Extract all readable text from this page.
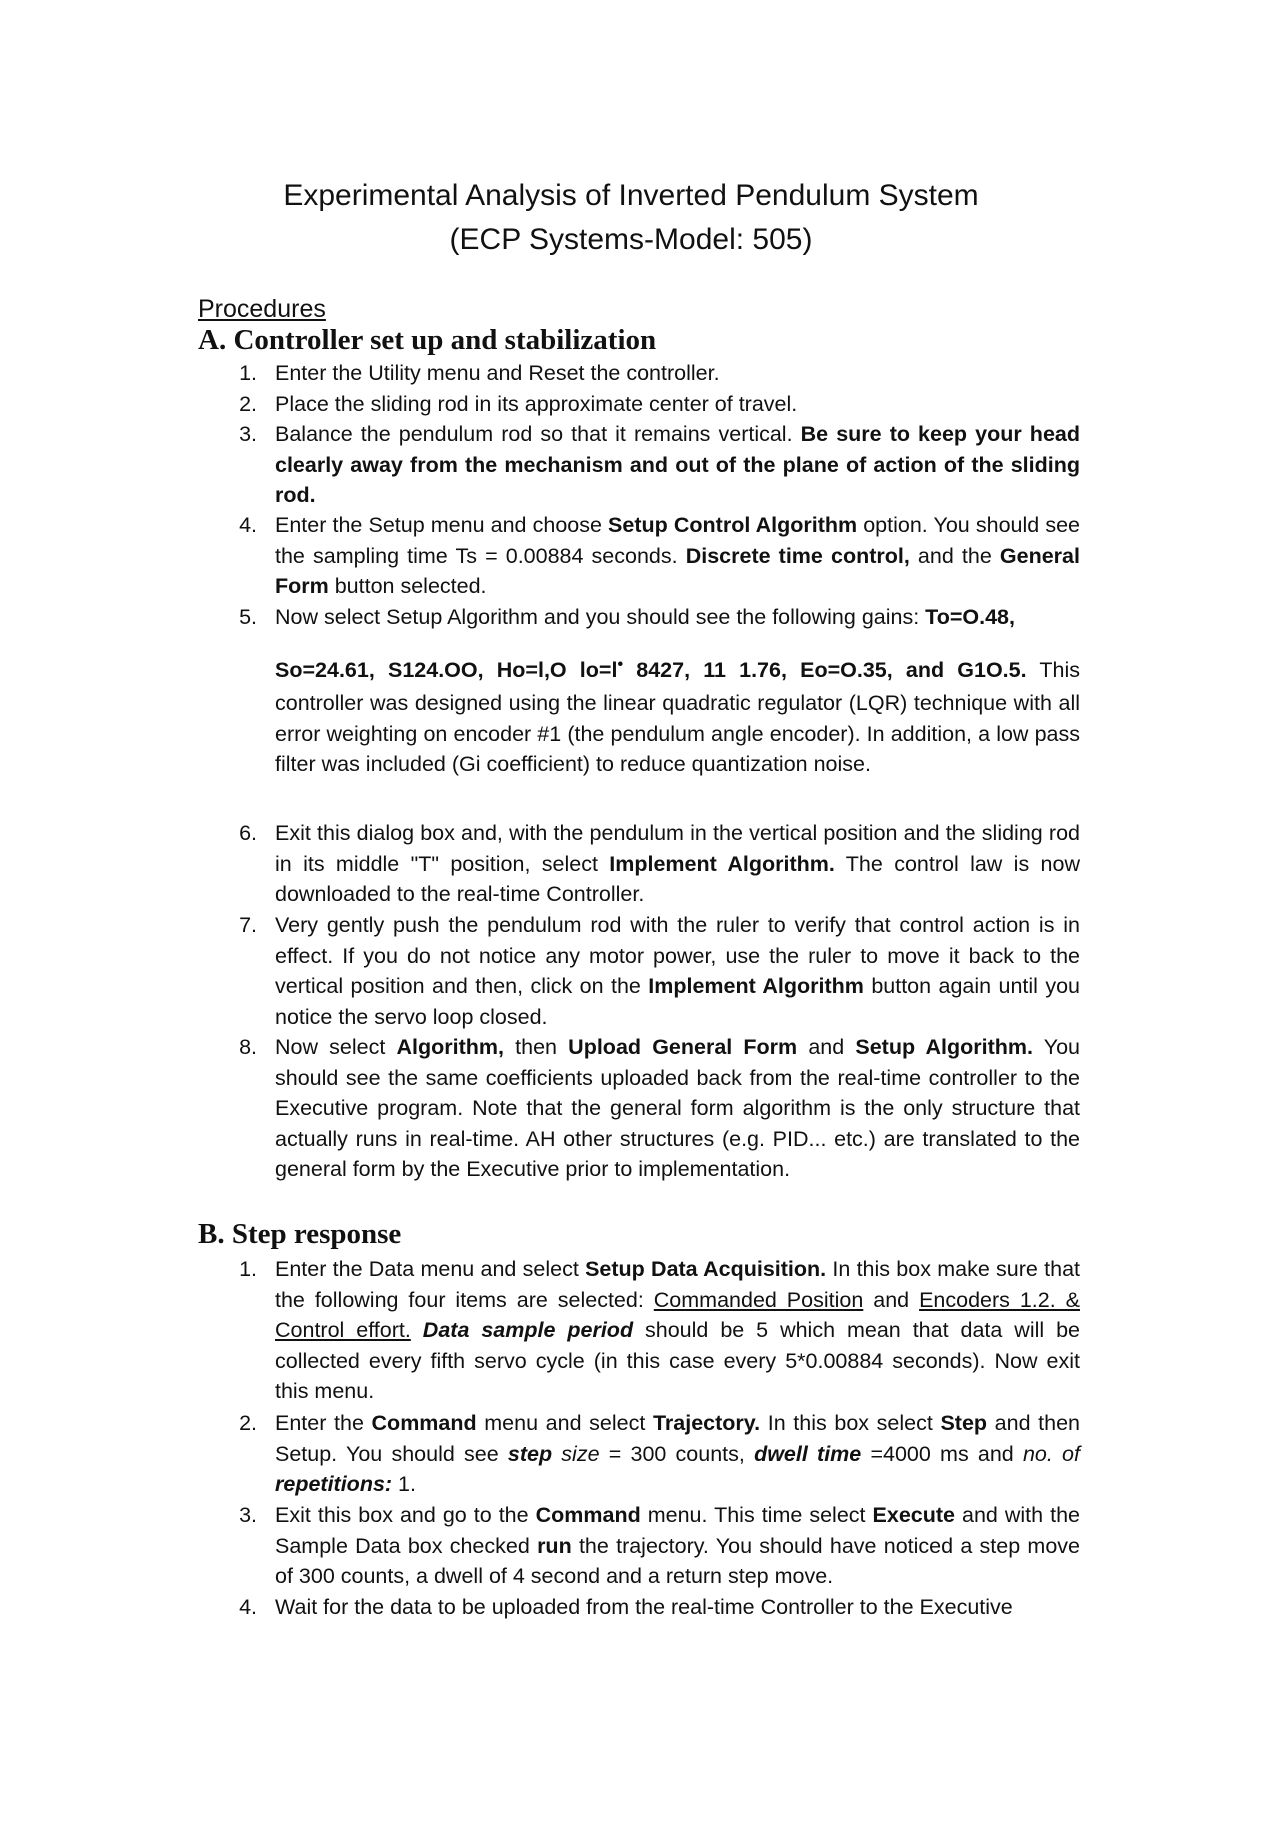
Experimental Analysis of Inverted Pendulum System
(ECP Systems-Model: 505)
Procedures
A. Controller set up and stabilization
1. Enter the Utility menu and Reset the controller.
2. Place the sliding rod in its approximate center of travel.
3. Balance the pendulum rod so that it remains vertical. Be sure to keep your head clearly away from the mechanism and out of the plane of action of the sliding rod.
4. Enter the Setup menu and choose Setup Control Algorithm option. You should see the sampling time Ts = 0.00884 seconds. Discrete time control, and the General Form button selected.
5. Now select Setup Algorithm and you should see the following gains: To=O.48,
So=24.61, S124.OO, Ho=l,O lo=l• 8427, 11 1.76, Eo=O.35, and G1O.5. This controller was designed using the linear quadratic regulator (LQR) technique with all error weighting on encoder #1 (the pendulum angle encoder). In addition, a low pass filter was included (Gi coefficient) to reduce quantization noise.
6. Exit this dialog box and, with the pendulum in the vertical position and the sliding rod in its middle "T" position, select Implement Algorithm. The control law is now downloaded to the real-time Controller.
7. Very gently push the pendulum rod with the ruler to verify that control action is in effect. If you do not notice any motor power, use the ruler to move it back to the vertical position and then, click on the Implement Algorithm button again until you notice the servo loop closed.
8. Now select Algorithm, then Upload General Form and Setup Algorithm. You should see the same coefficients uploaded back from the real-time controller to the Executive program. Note that the general form algorithm is the only structure that actually runs in real-time. AH other structures (e.g. PID... etc.) are translated to the general form by the Executive prior to implementation.
B. Step response
1. Enter the Data menu and select Setup Data Acquisition. In this box make sure that the following four items are selected: Commanded Position and Encoders 1.2. & Control effort. Data sample period should be 5 which mean that data will be collected every fifth servo cycle (in this case every 5*0.00884 seconds). Now exit this menu.
2. Enter the Command menu and select Trajectory. In this box select Step and then Setup. You should see step size = 300 counts, dwell time =4000 ms and no. of repetitions: 1.
3. Exit this box and go to the Command menu. This time select Execute and with the Sample Data box checked run the trajectory. You should have noticed a step move of 300 counts, a dwell of 4 second and a return step move.
4. Wait for the data to be uploaded from the real-time Controller to the Executive
